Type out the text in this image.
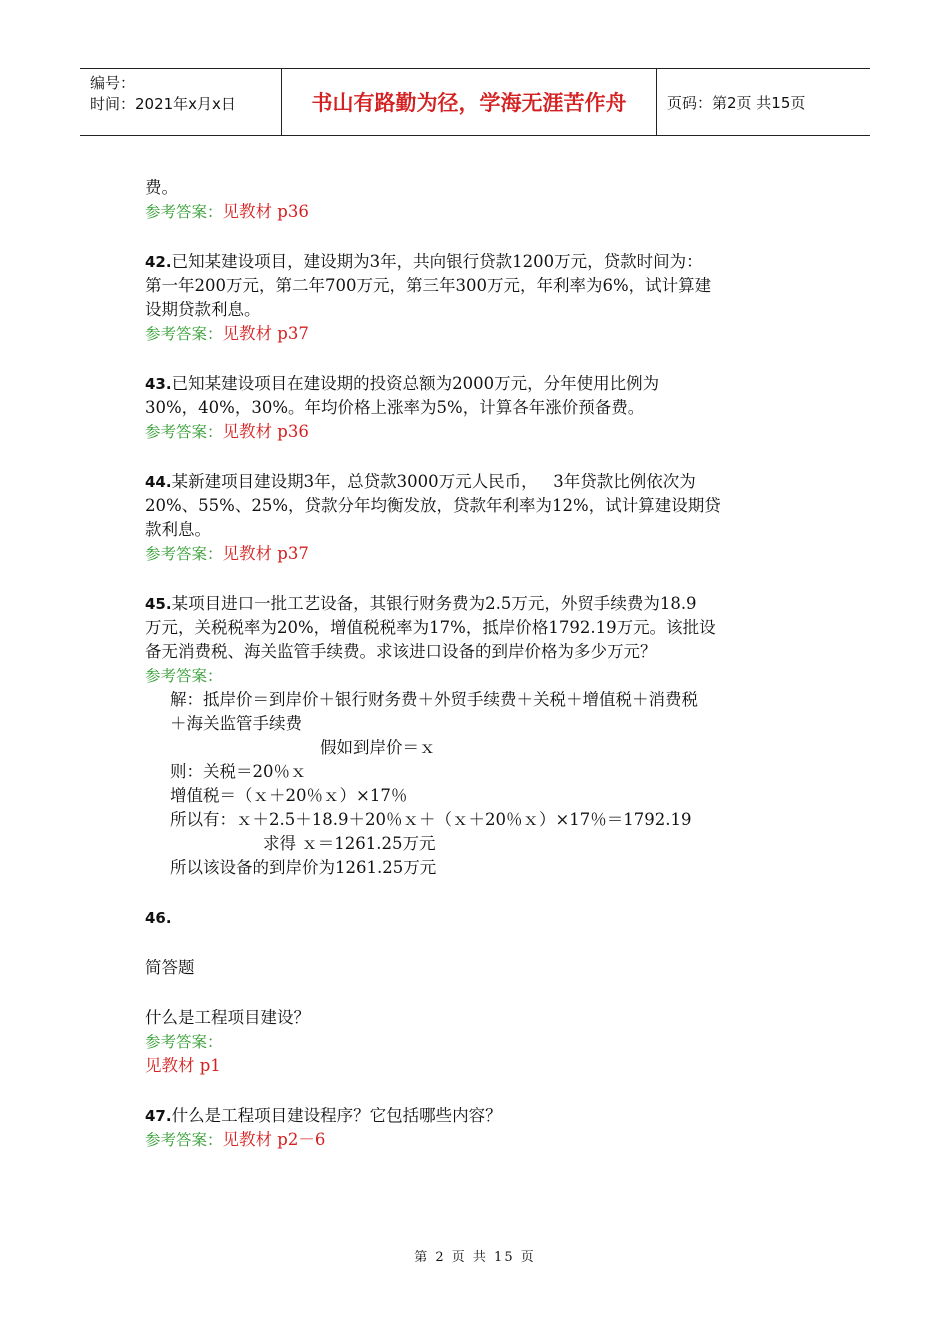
编号：
时间：2021年x月x日	书山有路勤为径，学海无涯苦作舟	页码：第2页 共15页

费。

参考答案：见教材 p36

42.已知某建设项目，建设期为3年，共向银行贷款1200万元，贷款时间为：

第一年200万元，第二年700万元，第三年300万元，年利率为6%，试计算建

设期贷款利息。

参考答案：见教材 p37

43.已知某建设项目在建设期的投资总额为2000万元，分年使用比例为

30%，40%，30%。年均价格上涨率为5%，计算各年涨价预备费。

参考答案：见教材 p36

44.某新建项目建设期3年，总贷款3000万元人民币，   3年贷款比例依次为

20%、55%、25%，贷款分年均衡发放，贷款年利率为12%，试计算建设期贷

款利息。

参考答案：见教材 p37

45.某项目进口一批工艺设备，其银行财务费为2.5万元，外贸手续费为18.9

万元，关税税率为20%，增值税税率为17%，抵岸价格1792.19万元。该批设

备无消费税、海关监管手续费。求该进口设备的到岸价格为多少万元？

参考答案：

解：抵岸价＝到岸价＋银行财务费＋外贸手续费＋关税＋增值税＋消费税

＋海关监管手续费

假如到岸价＝ｘ

则：关税＝20％ｘ

增值税＝（ｘ＋20％ｘ）×17％

所以有：ｘ＋2.5＋18.9＋20％ｘ＋（ｘ＋20％ｘ）×17％＝1792.19

求得 ｘ＝1261.25万元

所以该设备的到岸价为1261.25万元

46.

简答题

什么是工程项目建设？

参考答案：

见教材 p1

47.什么是工程项目建设程序？它包括哪些内容？

参考答案：见教材 p2－6

第 2 页 共 15 页
